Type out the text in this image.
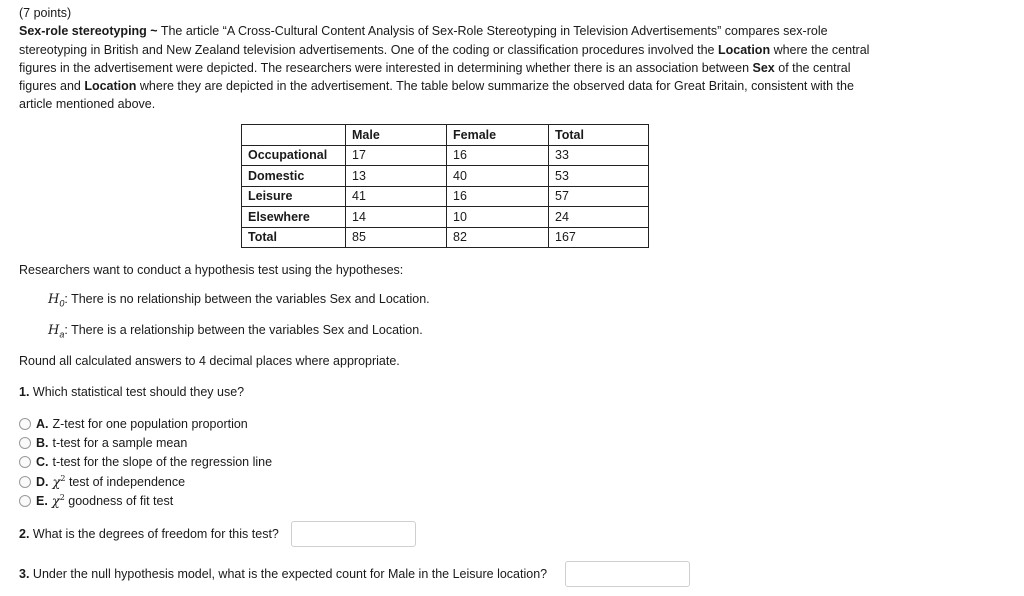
(7 points)
Sex-role stereotyping ~ The article “A Cross-Cultural Content Analysis of Sex-Role Stereotyping in Television Advertisements” compares sex-role stereotyping in British and New Zealand television advertisements. One of the coding or classification procedures involved the Location where the central figures in the advertisement were depicted. The researchers were interested in determining whether there is an association between Sex of the central figures and Location where they are depicted in the advertisement. The table below summarize the observed data for Great Britain, consistent with the article mentioned above.
	Male	Female	Total
Occupational	17	16	33
Domestic	13	40	53
Leisure	41	16	57
Elsewhere	14	10	24
Total	85	82	167
Researchers want to conduct a hypothesis test using the hypotheses:
$H_0$: There is no relationship between the variables Sex and Location.
$H_a$: There is a relationship between the variables Sex and Location.
Round all calculated answers to 4 decimal places where appropriate.
1. Which statistical test should they use?
A. Z-test for one population proportion
B. t-test for a sample mean
C. t-test for the slope of the regression line
D. $\chi^2$ test of independence
E. $\chi^2$ goodness of fit test
2. What is the degrees of freedom for this test?
3. Under the null hypothesis model, what is the expected count for Male in the Leisure location?
